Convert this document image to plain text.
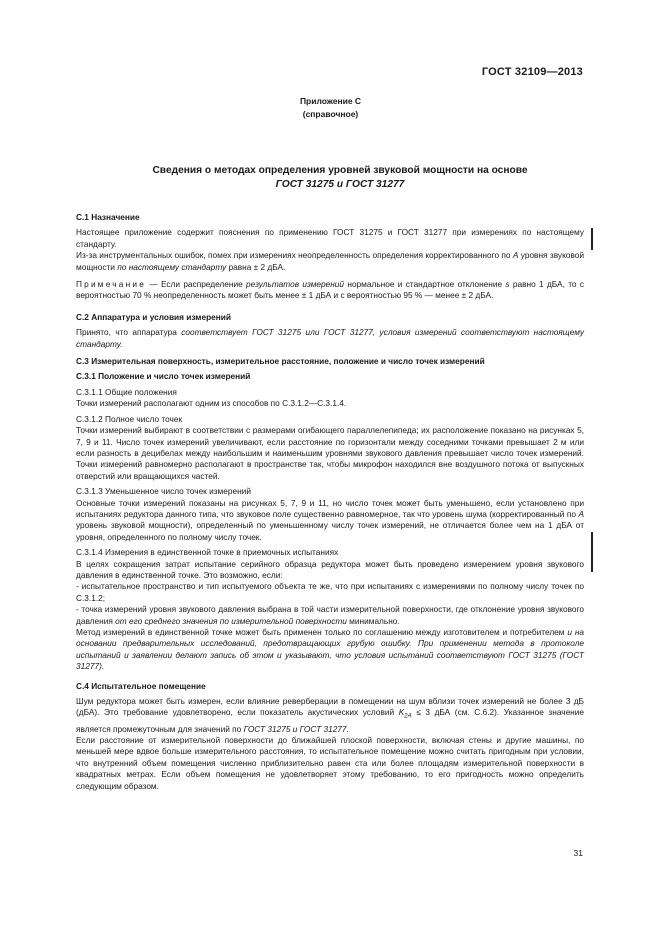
ГОСТ 32109—2013
Приложение С
(справочное)
Сведения о методах определения уровней звуковой мощности на основе
ГОСТ 31275 и ГОСТ 31277

С.1 Назначение

Настоящее приложение содержит пояснения по применению ГОСТ 31275 и ГОСТ 31277 при измерениях по настоящему стандарту.

Из-за инструментальных ошибок, помех при измерениях неопределенность определения корректированного по A уровня звуковой мощности по настоящему стандарту равна ± 2 дБА.

Примечание — Если распределение результатов измерений нормальное и стандартное отклонение s равно 1 дБА, то с вероятностью 70 % неопределенность может быть менее ± 1 дБА и с вероятностью 95 % — менее ± 2 дБА.

С.2 Аппаратура и условия измерений

Принято, что аппаратура соответствует ГОСТ 31275 или ГОСТ 31277, условия измерений соответствуют настоящему стандарту.

С.3 Измерительная поверхность, измерительное расстояние, положение и число точек измерений

С.3.1 Положение и число точек измерений

С.3.1.1 Общие положения

Точки измерений располагают одним из способов по С.3.1.2—С.3.1.4.

С.3.1.2 Полное число точек

Точки измерений выбирают в соответствии с размерами огибающего параллелепипеда; их расположение показано на рисунках 5, 7, 9 и 11. Число точек измерений увеличивают, если расстояние по горизонтали между соседними точками превышает 2 м или если разность в децибелах между наибольшим и наименьшим уровнями звукового давления превышает число точек измерений. Точки измерений равномерно располагают в пространстве так, чтобы микрофон находился вне воздушного потока от выпускных отверстий или вращающихся частей.

С.3.1.3 Уменьшенное число точек измерений

Основные точки измерений показаны на рисунках 5, 7, 9 и 11, но число точек может быть уменьшено, если установлено при испытаниях редуктора данного типа, что звуковое поле существенно равномерное, так что уровень шума (корректированный по А уровень звуковой мощности), определенный по уменьшенному числу точек измерений, не отличается более чем на 1 дБА от уровня, определенного по полному числу точек.

С.3.1.4 Измерения в единственной точке в приемочных испытаниях

В целях сокращения затрат испытание серийного образца редуктора может быть проведено измерением уровня звукового давления в единственной точке. Это возможно, если:

- испытательное пространство и тип испытуемого объекта те же, что при испытаниях с измерениями по полному числу точек по С.3.1.2;

- точка измерений уровня звукового давления выбрана в той части измерительной поверхности, где отклонение уровня звукового давления от его среднего значения по измерительной поверхности минимально.

Метод измерений в единственной точке может быть применен только по соглашению между изготовителем и потребителем и на основании предварительных исследований, предотвращающих грубую ошибку. При применении метода в протоколе испытаний и заявлении делают запись об этом и указывают, что условия испытаний соответствуют ГОСТ 31275 (ГОСТ 31277).

С.4 Испытательное помещение

Шум редуктора может быть измерен, если влияние реверберации в помещении на шум вблизи точек измерений не более 3 дБ (дБА). Это требование удовлетворено, если показатель акустических условий $K_{2A} \le 3$ дБА (см. С.6.2). Указанное значение является промежуточным для значений по ГОСТ 31275 и ГОСТ 31277.

Если расстояние от измерительной поверхности до ближайшей плоской поверхности, включая стены и другие машины, по меньшей мере вдвое больше измерительного расстояния, то испытательное помещение можно считать пригодным при условии, что внутренний объем помещения численно приблизительно равен ста или более площадям измерительной поверхности в квадратных метрах. Если объем помещения не удовлетворяет этому требованию, то его пригодность можно определить следующим образом.

31
